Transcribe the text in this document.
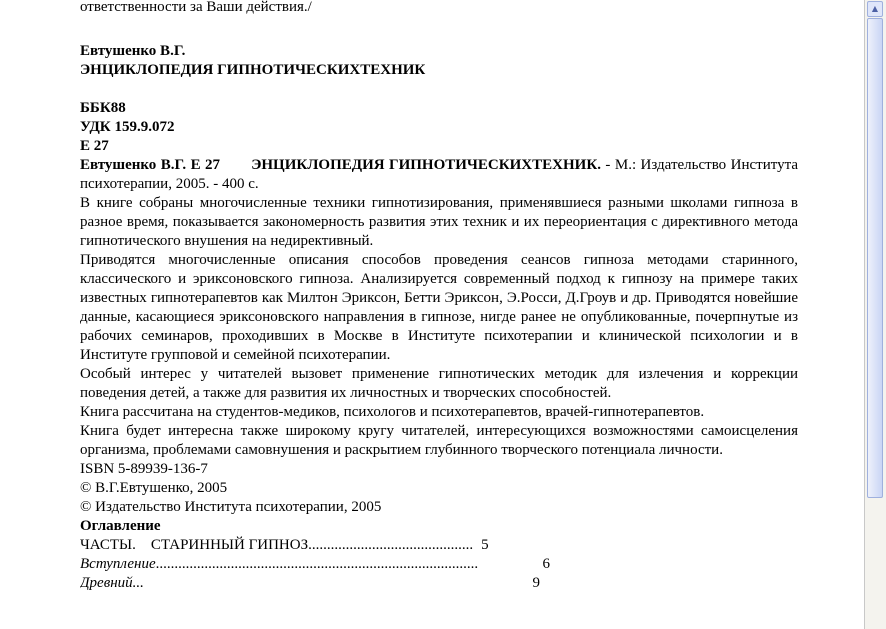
ответственности за Ваши действия./

Евтушенко В.Г.

ЭНЦИКЛОПЕДИЯ ГИПНОТИЧЕСКИХТЕХНИК

ББК88

УДК 159.9.072

Е 27

Евтушенко В.Г. Е 27       ЭНЦИКЛОПЕДИЯ ГИПНОТИЧЕСКИХТЕХНИК. - М.: Издательство Института психотерапии, 2005. - 400 с.

В книге собраны многочисленные техники гипнотизирования, применявшиеся разными школами гипноза в разное время, показывается закономерность развития этих техник и их переориентация с директивного метода гипнотического внушения на недирективный.

Приводятся многочисленные описания способов проведения сеансов гипноза методами старинного, классического и эриксоновского гипноза. Анализируется современный подход к гипнозу на примере таких известных гипнотерапевтов как Милтон Эриксон, Бетти Эриксон, Э.Росси, Д.Гроув и др. Приводятся новейшие данные, касающиеся эриксоновского направления в гипнозе, нигде ранее не опубликованные, почерпнутые из рабочих семинаров, проходивших в Москве в Институте психотерапии и клинической психологии и в Институте групповой и семейной психотерапии.

Особый интерес у читателей вызовет применение гипнотических методик для излечения и коррекции поведения детей, а также для развития их личностных и творческих способностей.

Книга рассчитана на студентов-медиков, психологов и психотерапевтов, врачей-гипнотерапевтов.

Книга будет интересна также широкому кругу читателей, интересующихся возможностями самоисцеления организма, проблемами самовнушения и раскрытием глубинного творческого потенциала личности.

ISBN 5-89939-136-7

© В.Г.Евтушенко, 2005

© Издательство Института психотерапии, 2005

Оглавление

ЧАСТЫ.    СТАРИННЫЙ ГИПНОЗ ............................................ 5
Вступление ......................................................................................	6
Древний...	9
▲
